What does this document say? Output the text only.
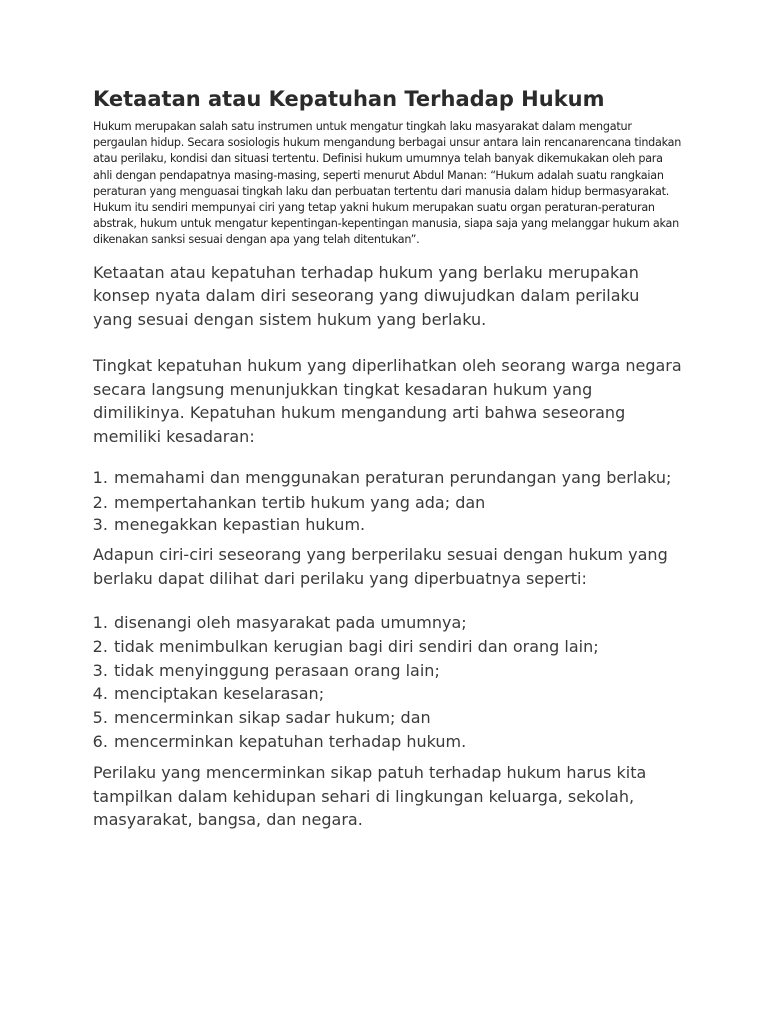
Ketaatan atau Kepatuhan Terhadap Hukum

Hukum merupakan salah satu instrumen untuk mengatur tingkah laku masyarakat dalam mengatur pergaulan hidup. Secara sosiologis hukum mengandung berbagai unsur antara lain rencanarencana tindakan atau perilaku, kondisi dan situasi tertentu. Definisi hukum umumnya telah banyak dikemukakan oleh para ahli dengan pendapatnya masing-masing, seperti menurut Abdul Manan: “Hukum adalah suatu rangkaian peraturan yang menguasai tingkah laku dan perbuatan tertentu dari manusia dalam hidup bermasyarakat. Hukum itu sendiri mempunyai ciri yang tetap yakni hukum merupakan suatu organ peraturan-peraturan abstrak, hukum untuk mengatur kepentingan-kepentingan manusia, siapa saja yang melanggar hukum akan dikenakan sanksi sesuai dengan apa yang telah ditentukan”.

Ketaatan atau kepatuhan terhadap hukum yang berlaku merupakan konsep nyata dalam diri seseorang yang diwujudkan dalam perilaku yang sesuai dengan sistem hukum yang berlaku.

Tingkat kepatuhan hukum yang diperlihatkan oleh seorang warga negara secara langsung menunjukkan tingkat kesadaran hukum yang dimilikinya. Kepatuhan hukum mengandung arti bahwa seseorang memiliki kesadaran:

1. memahami dan menggunakan peraturan perundangan yang berlaku;
2. mempertahankan tertib hukum yang ada; dan
3. menegakkan kepastian hukum.

Adapun ciri-ciri seseorang yang berperilaku sesuai dengan hukum yang berlaku dapat dilihat dari perilaku yang diperbuatnya seperti:

1. disenangi oleh masyarakat pada umumnya;
2. tidak menimbulkan kerugian bagi diri sendiri dan orang lain;
3. tidak menyinggung perasaan orang lain;
4. menciptakan keselarasan;
5. mencerminkan sikap sadar hukum; dan
6. mencerminkan kepatuhan terhadap hukum.

Perilaku yang mencerminkan sikap patuh terhadap hukum harus kita tampilkan dalam kehidupan sehari di lingkungan keluarga, sekolah, masyarakat, bangsa, dan negara.
